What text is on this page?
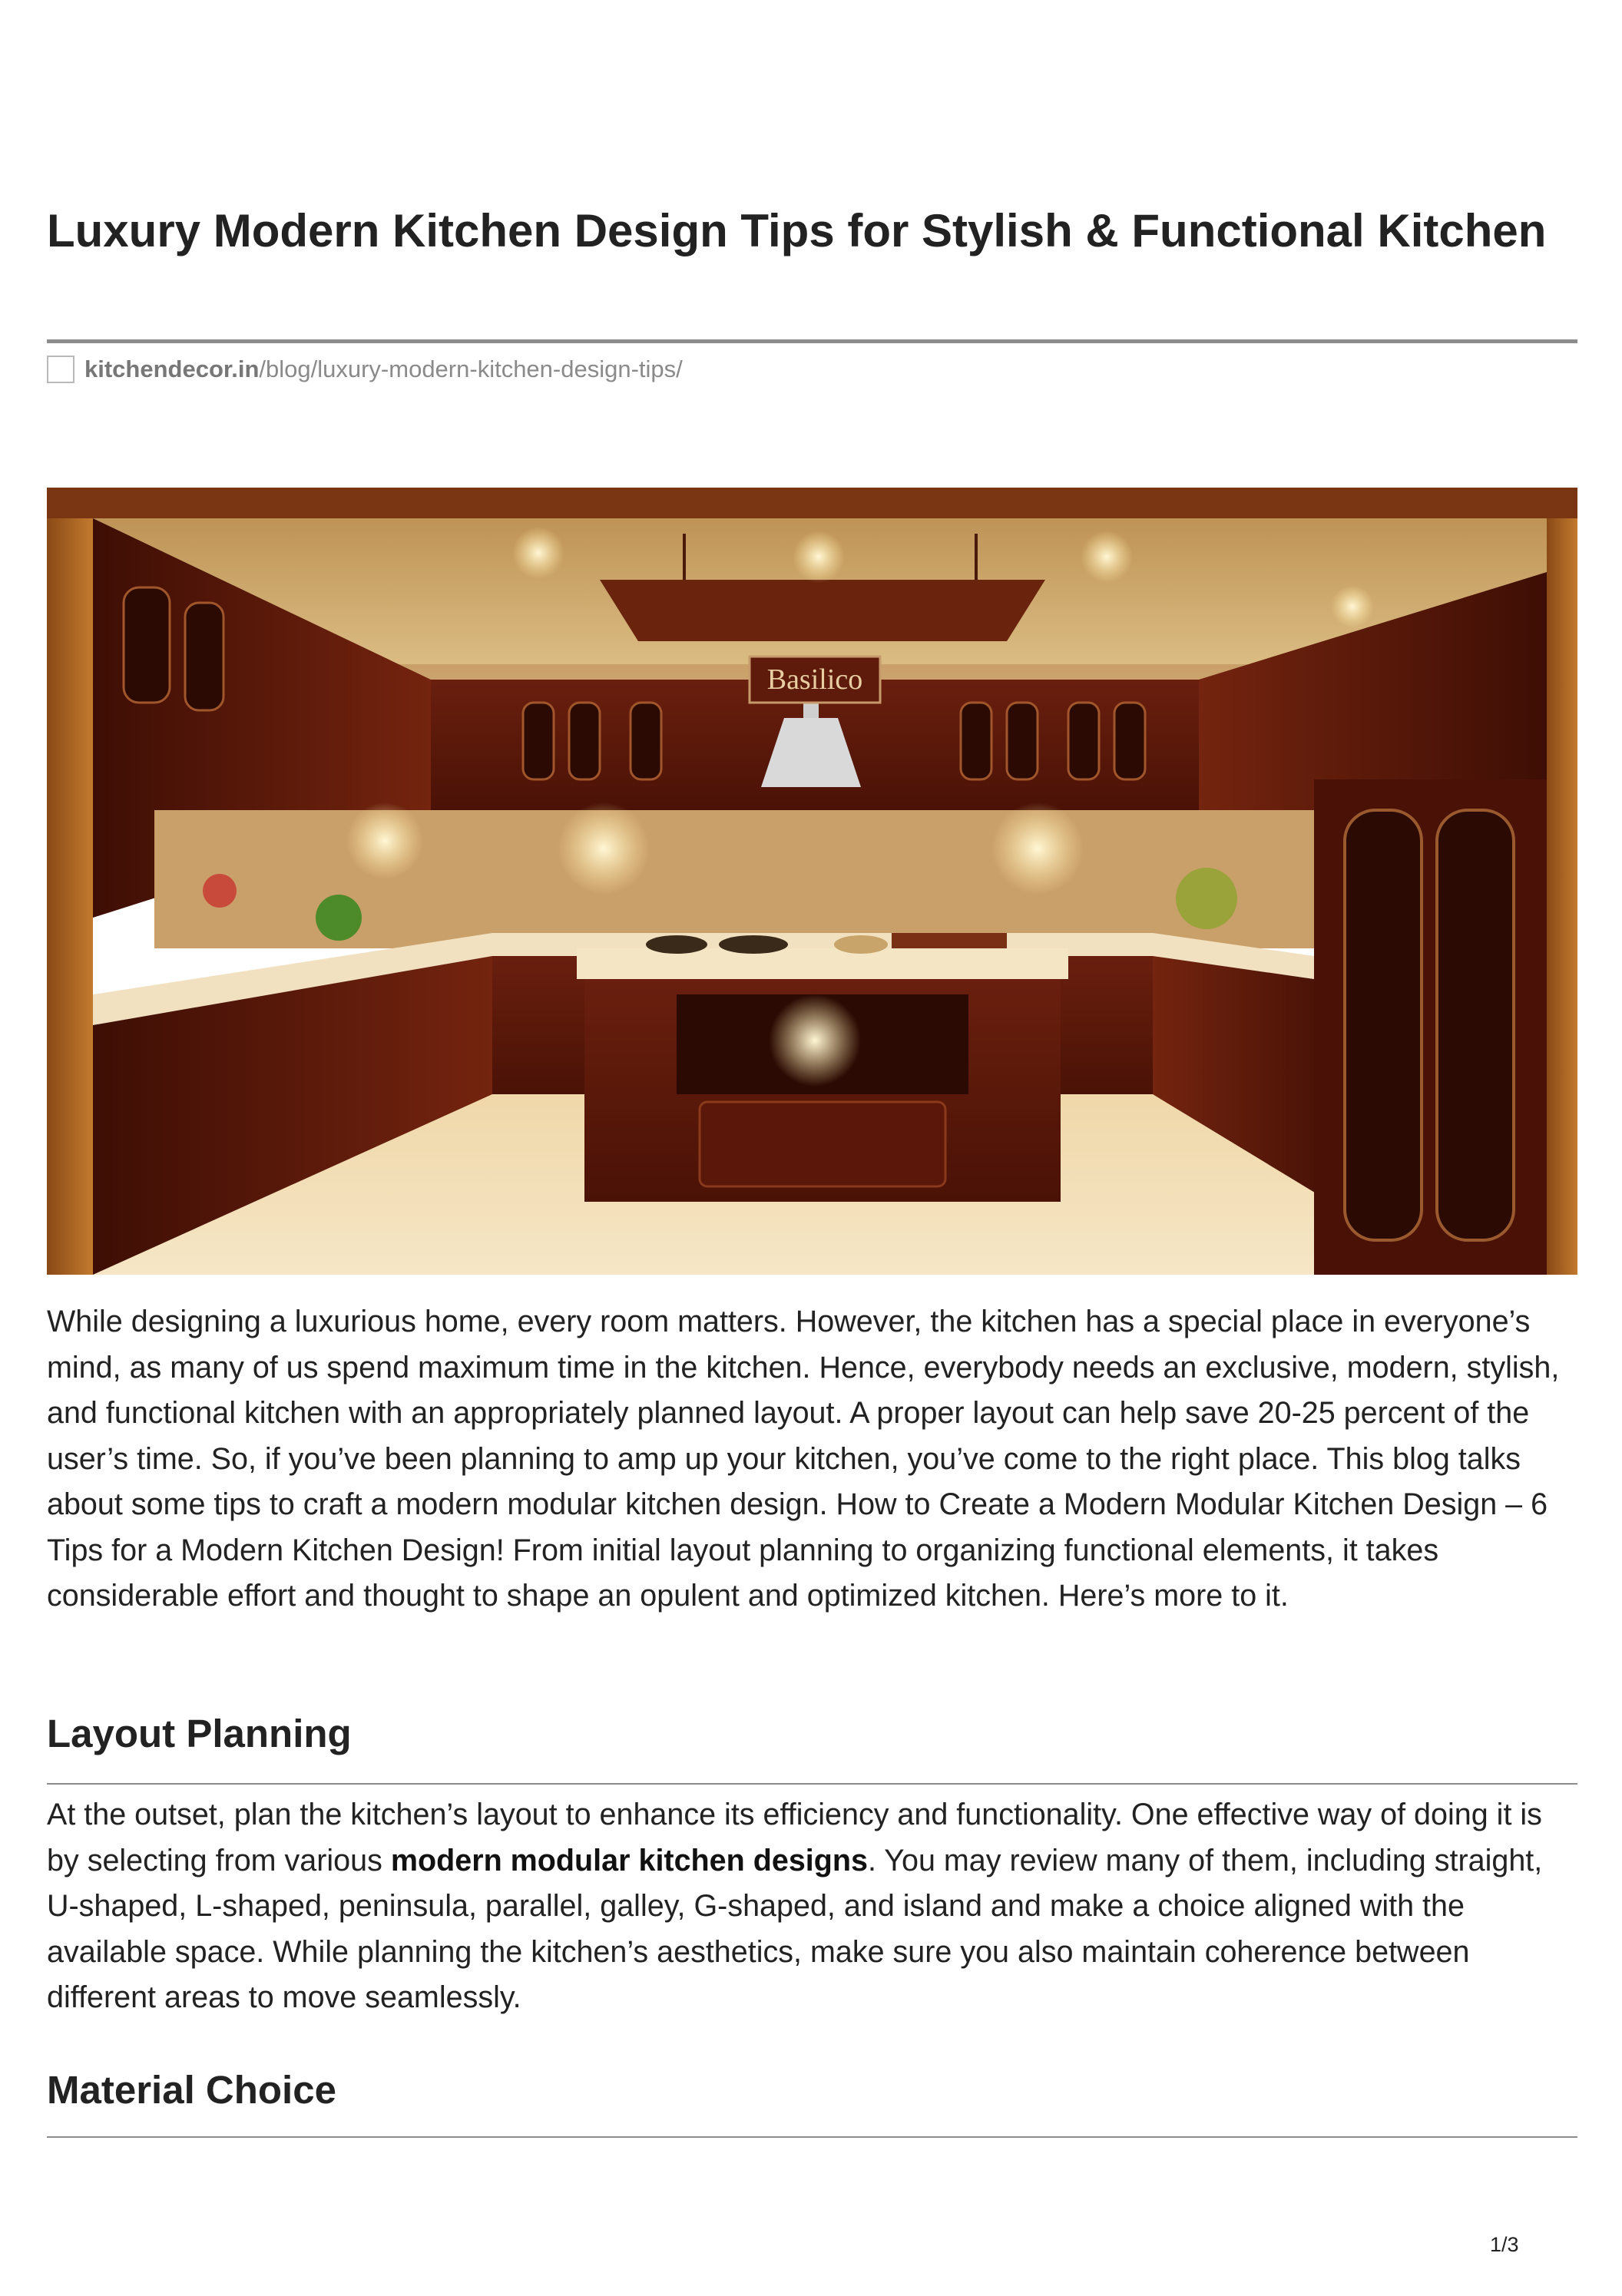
Luxury Modern Kitchen Design Tips for Stylish & Functional Kitchen
kitchendecor.in /blog/luxury-modern-kitchen-design-tips/
Basilico

While designing a luxurious home, every room matters. However, the kitchen has a special place in everyone’s mind, as many of us spend maximum time in the kitchen. Hence, everybody needs an exclusive, modern, stylish, and functional kitchen with an appropriately planned layout. A proper layout can help save 20-25 percent of the user’s time. So, if you’ve been planning to amp up your kitchen, you’ve come to the right place. This blog talks about some tips to craft a modern modular kitchen design. How to Create a Modern Modular Kitchen Design – 6 Tips for a Modern Kitchen Design! From initial layout planning to organizing functional elements, it takes considerable effort and thought to shape an opulent and optimized kitchen. Here’s more to it.

Layout Planning

At the outset, plan the kitchen’s layout to enhance its efficiency and functionality. One effective way of doing it is by selecting from various modern modular kitchen designs. You may review many of them, including straight, U-shaped, L-shaped, peninsula, parallel, galley, G-shaped, and island and make a choice aligned with the available space. While planning the kitchen’s aesthetics, make sure you also maintain coherence between different areas to move seamlessly.

Material Choice
1/3
